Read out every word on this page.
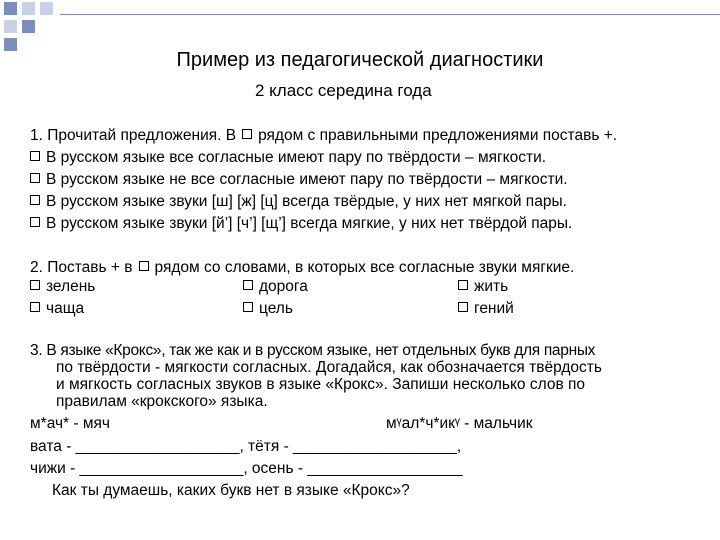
Пример из педагогической диагностики
2 класс середина года
1. Прочитай предложения. В рядом с правильными предложениями поставь +.
В русском языке все согласные имеют пару по твёрдости – мягкости.
В русском языке не все согласные имеют пару по твёрдости – мягкости.
В русском языке звуки [ш] [ж] [ц] всегда твёрдые, у них нет мягкой пары.
В русском языке звуки [й’] [ч’] [щ’] всегда мягкие, у них нет твёрдой пары.
2. Поставь + в рядом со словами, в которых все согласные звуки мягкие.
зелень	дорога	жить
чаща	цель	гений
3. В языке «Крокс», так же как и в русском языке, нет отдельных букв для парных
по твёрдости - мягкости согласных. Догадайся, как обозначается твёрдость
и мягкость согласных звуков в языке «Крокс». Запиши несколько слов по
правилам «крокского» языка.
м*ач* - мяч	мᵞал*ч*икᵞ - мальчик
вата - ___________________, тётя - ___________________,
чижи - ___________________, осень - __________________
Как ты думаешь, каких букв нет в языке «Крокс»?
